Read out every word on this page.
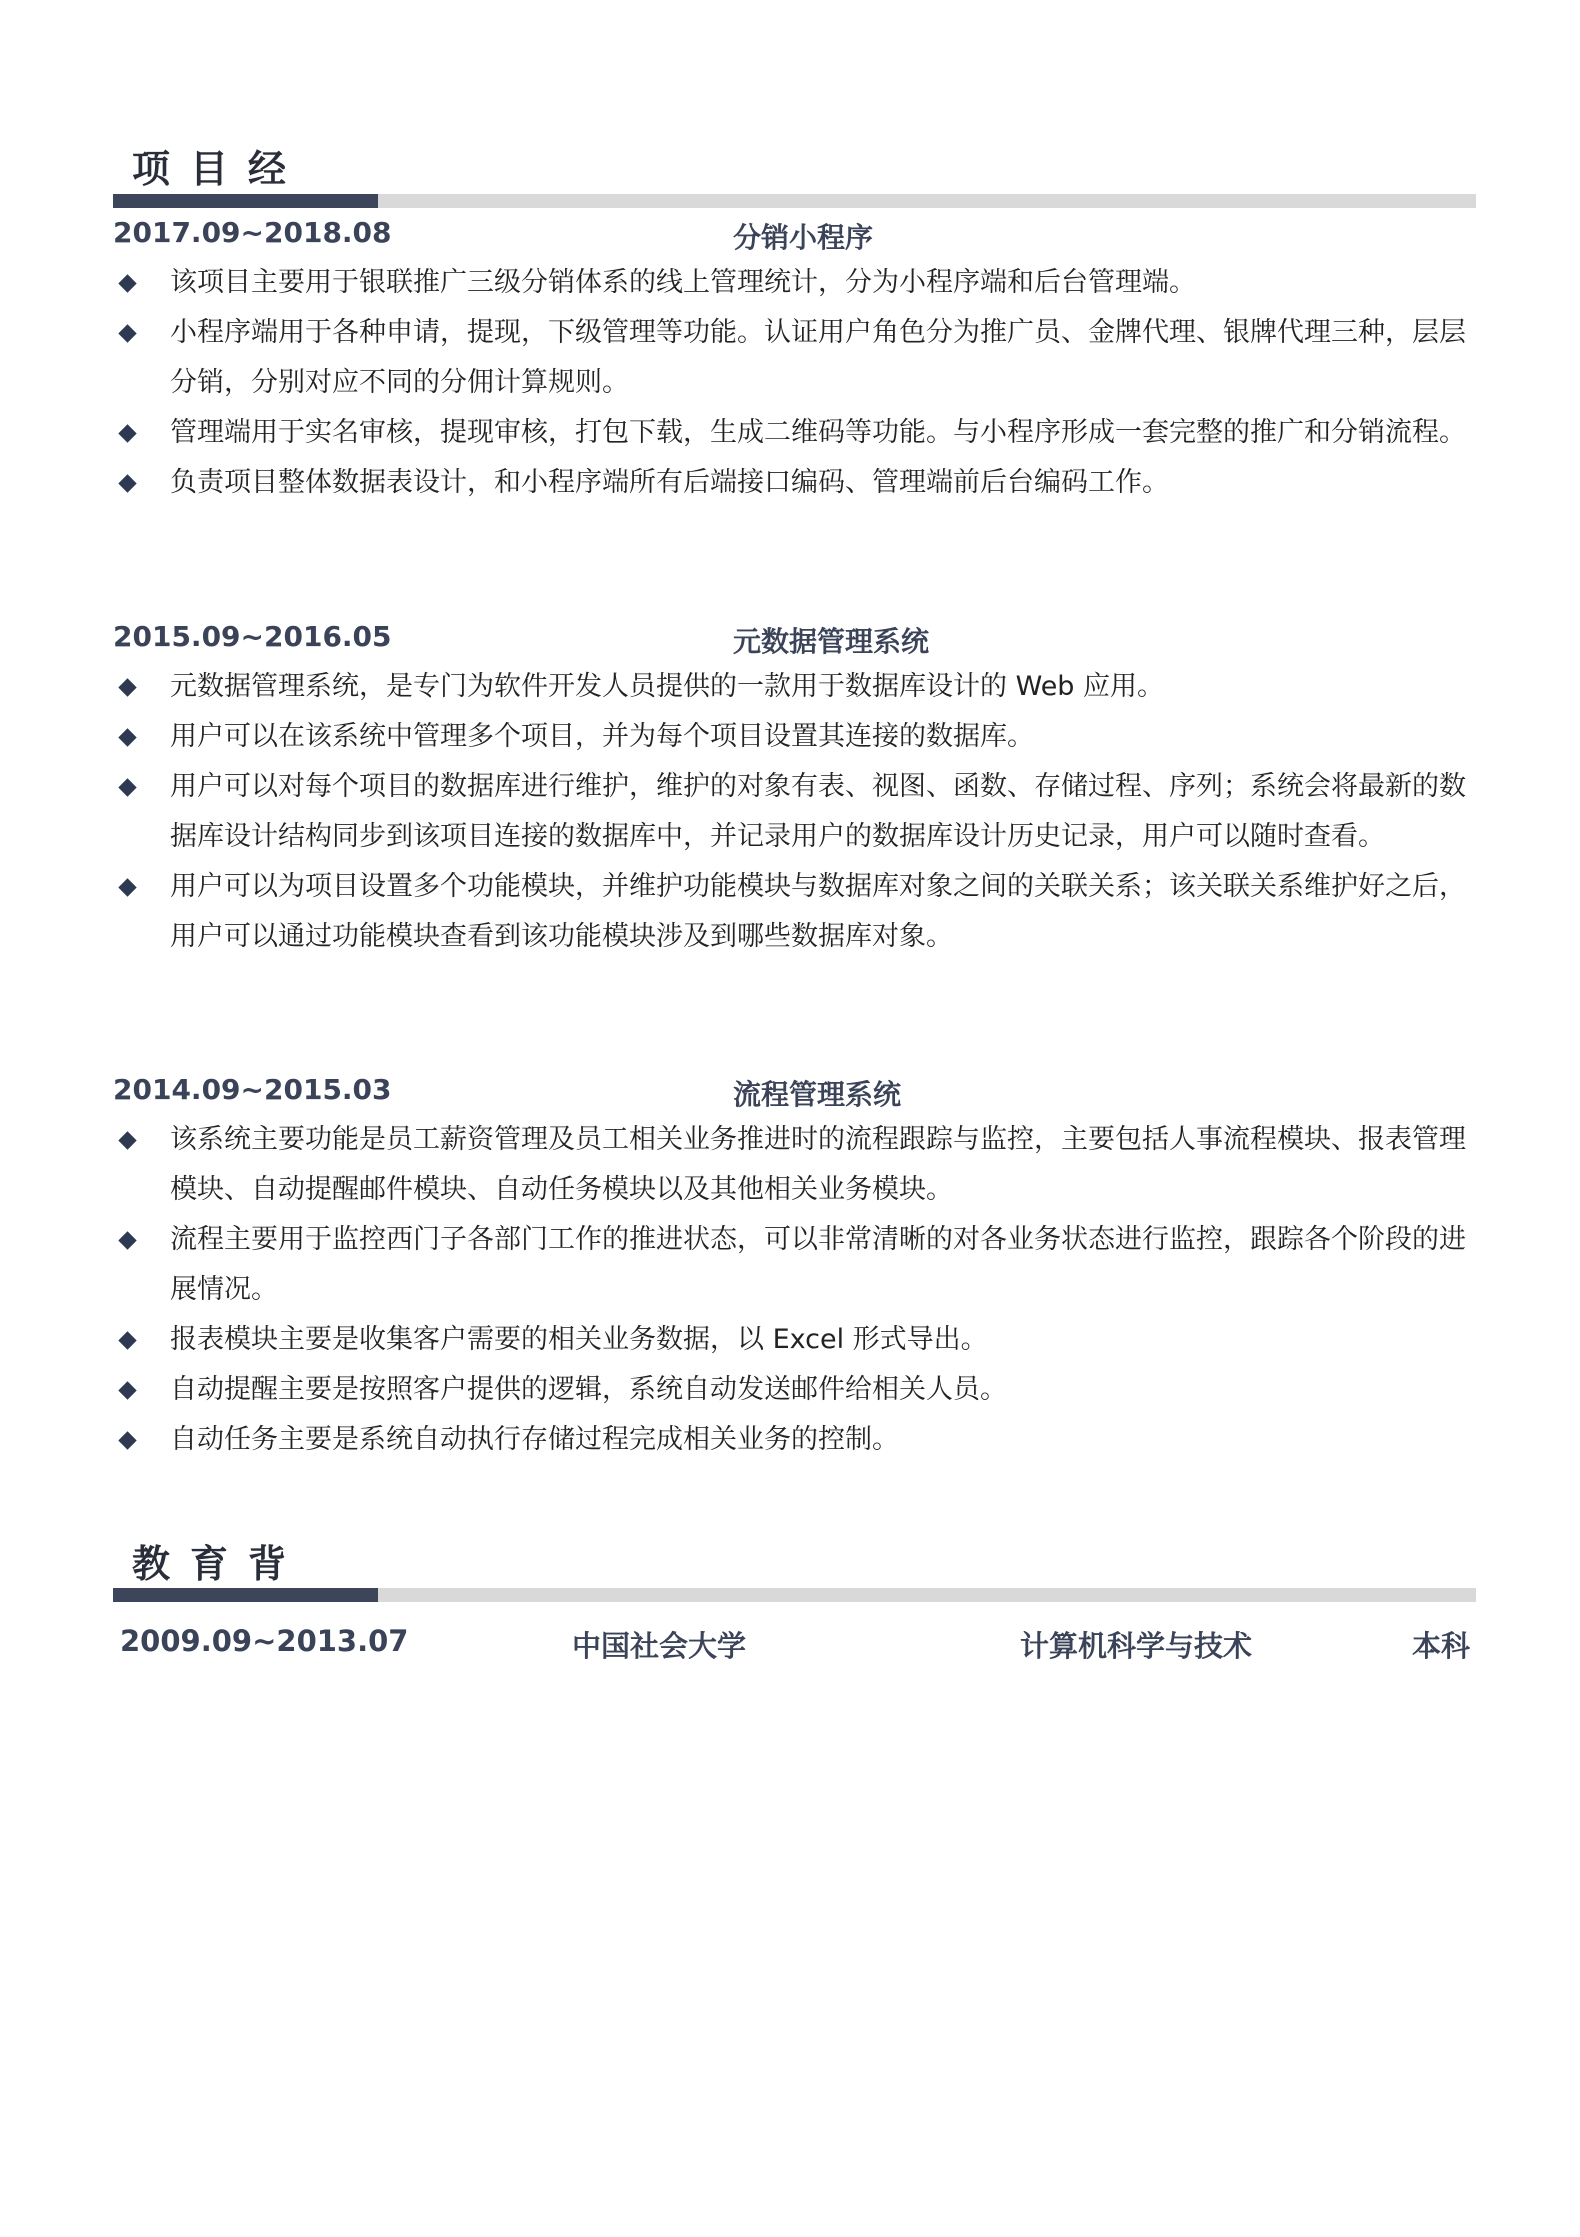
项目经
2017.09~2018.08	分销小程序
该项目主要用于银联推广三级分销体系的线上管理统计，分为小程序端和后台管理端。
小程序端用于各种申请，提现，下级管理等功能。认证用户角色分为推广员、金牌代理、银牌代理三种，层层分销，分别对应不同的分佣计算规则。
管理端用于实名审核，提现审核，打包下载，生成二维码等功能。与小程序形成一套完整的推广和分销流程。
负责项目整体数据表设计，和小程序端所有后端接口编码、管理端前后台编码工作。
2015.09~2016.05	元数据管理系统
元数据管理系统，是专门为软件开发人员提供的一款用于数据库设计的 Web 应用。
用户可以在该系统中管理多个项目，并为每个项目设置其连接的数据库。
用户可以对每个项目的数据库进行维护，维护的对象有表、视图、函数、存储过程、序列；系统会将最新的数据库设计结构同步到该项目连接的数据库中，并记录用户的数据库设计历史记录，用户可以随时查看。
用户可以为项目设置多个功能模块，并维护功能模块与数据库对象之间的关联关系；该关联关系维护好之后，用户可以通过功能模块查看到该功能模块涉及到哪些数据库对象。
2014.09~2015.03	流程管理系统
该系统主要功能是员工薪资管理及员工相关业务推进时的流程跟踪与监控，主要包括人事流程模块、报表管理模块、自动提醒邮件模块、自动任务模块以及其他相关业务模块。
流程主要用于监控西门子各部门工作的推进状态，可以非常清晰的对各业务状态进行监控，跟踪各个阶段的进展情况。
报表模块主要是收集客户需要的相关业务数据，以 Excel 形式导出。
自动提醒主要是按照客户提供的逻辑，系统自动发送邮件给相关人员。
自动任务主要是系统自动执行存储过程完成相关业务的控制。
教育背
2009.09~2013.07	中国社会大学	计算机科学与技术	本科
